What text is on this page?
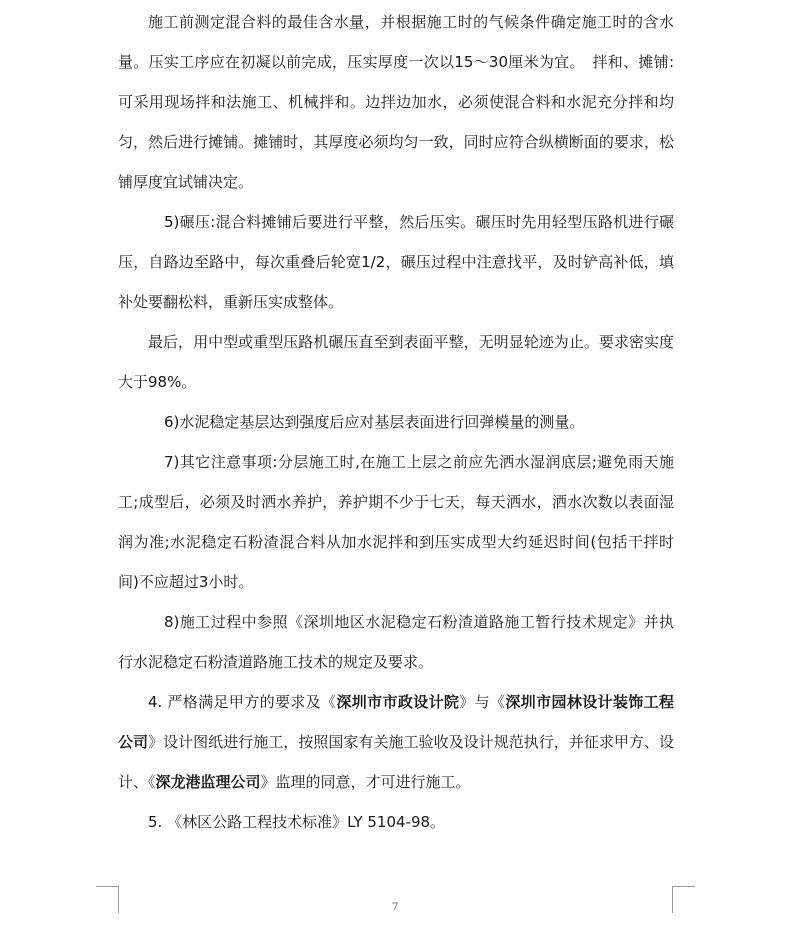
施工前测定混合料的最佳含水量，并根据施工时的气候条件确定施工时的含水量。压实工序应在初凝以前完成，压实厚度一次以15～30厘米为宜。　拌和、摊铺:可采用现场拌和法施工、机械拌和。边拌边加水，必须使混合料和水泥充分拌和均匀，然后进行摊铺。摊铺时，其厚度必须均匀一致，同时应符合纵横断面的要求，松铺厚度宜试铺决定。

5)碾压:混合料摊铺后要进行平整，然后压实。碾压时先用轻型压路机进行碾压，自路边至路中，每次重叠后轮宽1/2，碾压过程中注意找平，及时铲高补低，填补处要翻松料，重新压实成整体。

最后，用中型或重型压路机碾压直至到表面平整，无明显轮迹为止。要求密实度大于98%。

6)水泥稳定基层达到强度后应对基层表面进行回弹模量的测量。

7)其它注意事项:分层施工时,在施工上层之前应先洒水湿润底层;避免雨天施工;成型后，必须及时洒水养护，养护期不少于七天，每天洒水，洒水次数以表面湿润为准;水泥稳定石粉渣混合料从加水泥拌和到压实成型大约延迟时间(包括干拌时间)不应超过3小时。

8)施工过程中参照《深圳地区水泥稳定石粉渣道路施工暂行技术规定》并执行水泥稳定石粉渣道路施工技术的规定及要求。

4. 严格满足甲方的要求及《深圳市市政设计院》与《深圳市园林设计装饰工程公司》设计图纸进行施工，按照国家有关施工验收及设计规范执行，并征求甲方、设计、《深龙港监理公司》监理的同意，才可进行施工。

5. 《林区公路工程技术标准》LY 5104-98。

7
